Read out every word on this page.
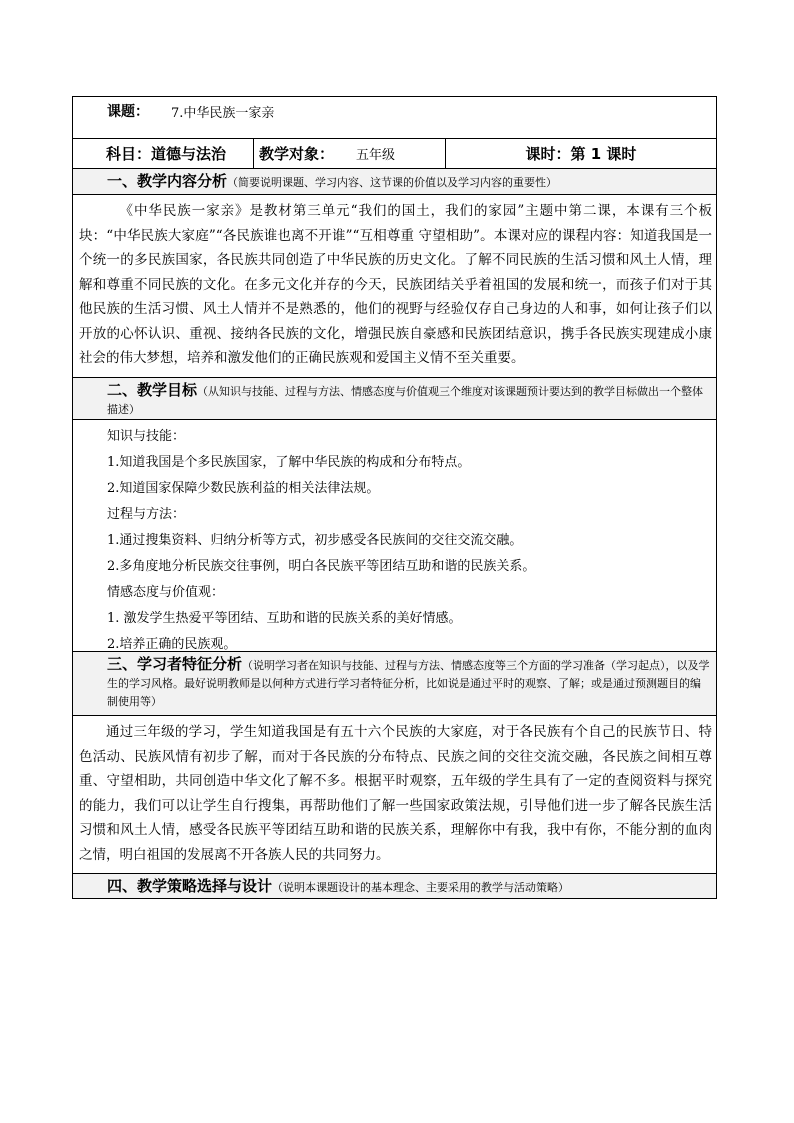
课题： 7.中华民族一家亲
科目：道德与法治 教学对象： 五年级	课时：第 1 课时
一、教学内容分析（简要说明课题、学习内容、这节课的价值以及学习内容的重要性）
《中华民族一家亲》是教材第三单元“我们的国土，我们的家园”主题中第二课，本课有三个板块：“中华民族大家庭”“各民族谁也离不开谁”“互相尊重 守望相助”。本课对应的课程内容：知道我国是一个统一的多民族国家，各民族共同创造了中华民族的历史文化。了解不同民族的生活习惯和风土人情，理解和尊重不同民族的文化。在多元文化并存的今天，民族团结关乎着祖国的发展和统一，而孩子们对于其他民族的生活习惯、风土人情并不是熟悉的，他们的视野与经验仅存自己身边的人和事，如何让孩子们以开放的心怀认识、重视、接纳各民族的文化，增强民族自豪感和民族团结意识，携手各民族实现建成小康社会的伟大梦想，培养和激发他们的正确民族观和爱国主义情不至关重要。
二、教学目标（从知识与技能、过程与方法、情感态度与价值观三个维度对该课题预计要达到的教学目标做出一个整体描述）
知识与技能：
1.知道我国是个多民族国家，了解中华民族的构成和分布特点。
2.知道国家保障少数民族利益的相关法律法规。
过程与方法：
1.通过搜集资料、归纳分析等方式，初步感受各民族间的交往交流交融。
2.多角度地分析民族交往事例，明白各民族平等团结互助和谐的民族关系。
情感态度与价值观：
1. 激发学生热爱平等团结、互助和谐的民族关系的美好情感。
2.培养正确的民族观。
三、学习者特征分析（说明学习者在知识与技能、过程与方法、情感态度等三个方面的学习准备（学习起点），以及学生的学习风格。最好说明教师是以何种方式进行学习者特征分析，比如说是通过平时的观察、了解；或是通过预测题目的编制使用等）
通过三年级的学习，学生知道我国是有五十六个民族的大家庭，对于各民族有个自己的民族节日、特色活动、民族风情有初步了解，而对于各民族的分布特点、民族之间的交往交流交融，各民族之间相互尊重、守望相助，共同创造中华文化了解不多。根据平时观察，五年级的学生具有了一定的查阅资料与探究的能力，我们可以让学生自行搜集，再帮助他们了解一些国家政策法规，引导他们进一步了解各民族生活习惯和风土人情，感受各民族平等团结互助和谐的民族关系，理解你中有我，我中有你，不能分割的血肉之情，明白祖国的发展离不开各族人民的共同努力。
四、教学策略选择与设计（说明本课题设计的基本理念、主要采用的教学与活动策略）
